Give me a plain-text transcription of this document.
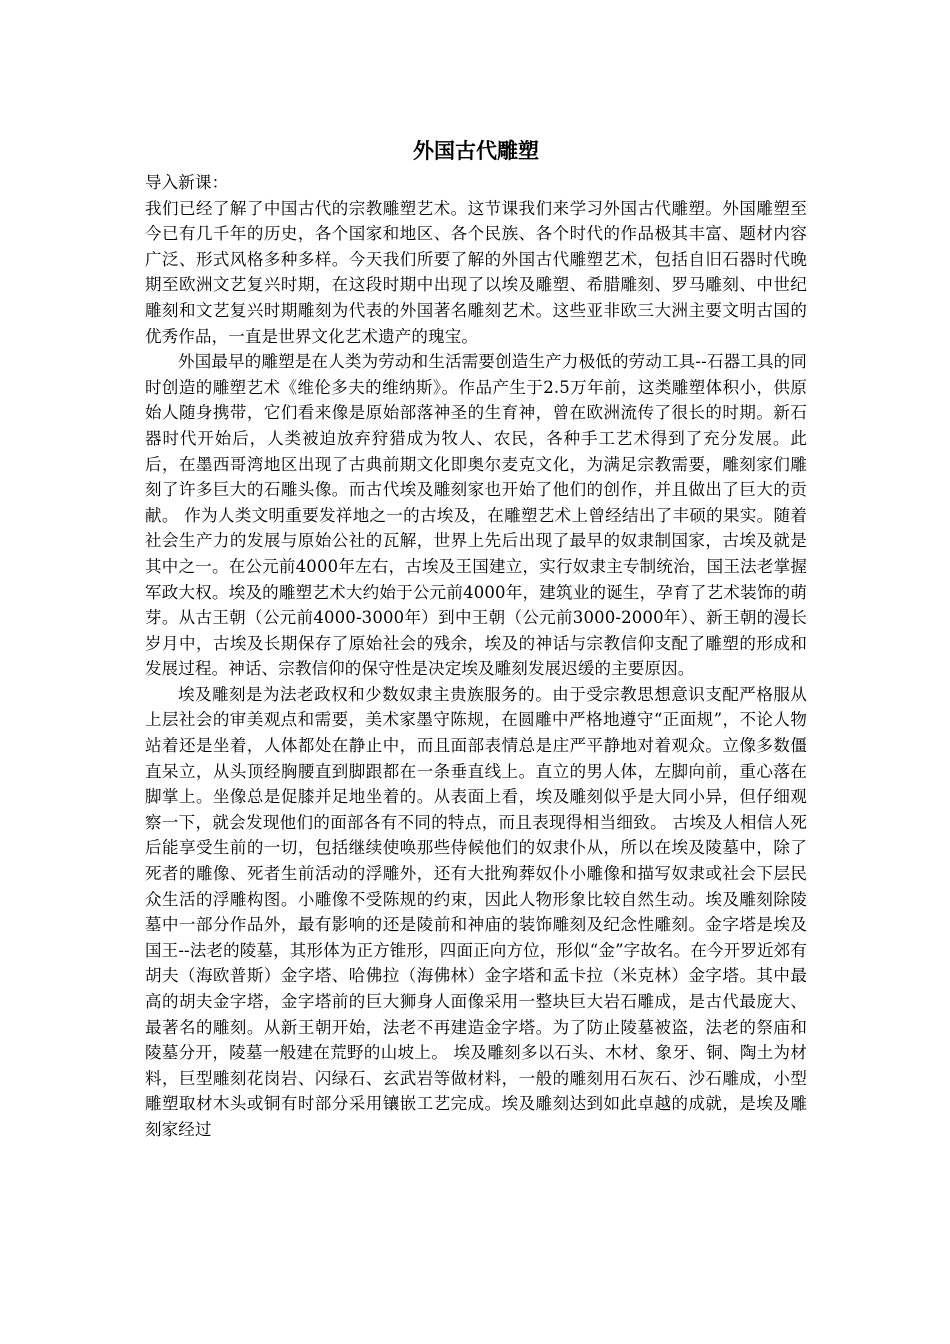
外国古代雕塑

导入新课：

我们已经了解了中国古代的宗教雕塑艺术。这节课我们来学习外国古代雕塑。外国雕塑至今已有几千年的历史，各个国家和地区、各个民族、各个时代的作品极其丰富、题材内容广泛、形式风格多种多样。今天我们所要了解的外国古代雕塑艺术，包括自旧石器时代晚期至欧洲文艺复兴时期，在这段时期中出现了以埃及雕塑、希腊雕刻、罗马雕刻、中世纪雕刻和文艺复兴时期雕刻为代表的外国著名雕刻艺术。这些亚非欧三大洲主要文明古国的优秀作品，一直是世界文化艺术遗产的瑰宝。

外国最早的雕塑是在人类为劳动和生活需要创造生产力极低的劳动工具--石器工具的同时创造的雕塑艺术《维伦多夫的维纳斯》。作品产生于2.5万年前，这类雕塑体积小，供原始人随身携带，它们看来像是原始部落神圣的生育神，曾在欧洲流传了很长的时期。新石器时代开始后，人类被迫放弃狩猎成为牧人、农民，各种手工艺术得到了充分发展。此后，在墨西哥湾地区出现了古典前期文化即奥尔麦克文化，为满足宗教需要，雕刻家们雕刻了许多巨大的石雕头像。而古代埃及雕刻家也开始了他们的创作，并且做出了巨大的贡献。 作为人类文明重要发祥地之一的古埃及，在雕塑艺术上曾经结出了丰硕的果实。随着社会生产力的发展与原始公社的瓦解，世界上先后出现了最早的奴隶制国家，古埃及就是其中之一。在公元前4000年左右，古埃及王国建立，实行奴隶主专制统治，国王法老掌握军政大权。埃及的雕塑艺术大约始于公元前4000年，建筑业的诞生，孕育了艺术装饰的萌芽。从古王朝（公元前4000-3000年）到中王朝（公元前3000-2000年）、新王朝的漫长岁月中，古埃及长期保存了原始社会的残余，埃及的神话与宗教信仰支配了雕塑的形成和发展过程。神话、宗教信仰的保守性是决定埃及雕刻发展迟缓的主要原因。

埃及雕刻是为法老政权和少数奴隶主贵族服务的。由于受宗教思想意识支配严格服从上层社会的审美观点和需要，美术家墨守陈规，在圆雕中严格地遵守“正面规”，不论人物站着还是坐着，人体都处在静止中，而且面部表情总是庄严平静地对着观众。立像多数僵直呆立，从头顶经胸腰直到脚跟都在一条垂直线上。直立的男人体，左脚向前，重心落在脚掌上。坐像总是促膝并足地坐着的。从表面上看，埃及雕刻似乎是大同小异，但仔细观察一下，就会发现他们的面部各有不同的特点，而且表现得相当细致。 古埃及人相信人死后能享受生前的一切，包括继续使唤那些侍候他们的奴隶仆从，所以在埃及陵墓中，除了死者的雕像、死者生前活动的浮雕外，还有大批殉葬奴仆小雕像和描写奴隶或社会下层民众生活的浮雕构图。小雕像不受陈规的约束，因此人物形象比较自然生动。埃及雕刻除陵墓中一部分作品外，最有影响的还是陵前和神庙的装饰雕刻及纪念性雕刻。金字塔是埃及国王--法老的陵墓，其形体为正方锥形，四面正向方位，形似“金”字故名。在今开罗近郊有胡夫（海欧普斯）金字塔、哈佛拉（海佛林）金字塔和孟卡拉（米克林）金字塔。其中最高的胡夫金字塔，金字塔前的巨大狮身人面像采用一整块巨大岩石雕成，是古代最庞大、最著名的雕刻。从新王朝开始，法老不再建造金字塔。为了防止陵墓被盗，法老的祭庙和陵墓分开，陵墓一般建在荒野的山坡上。 埃及雕刻多以石头、木材、象牙、铜、陶土为材料，巨型雕刻花岗岩、闪绿石、玄武岩等做材料，一般的雕刻用石灰石、沙石雕成，小型雕塑取材木头或铜有时部分采用镶嵌工艺完成。埃及雕刻达到如此卓越的成就，是埃及雕刻家经过
